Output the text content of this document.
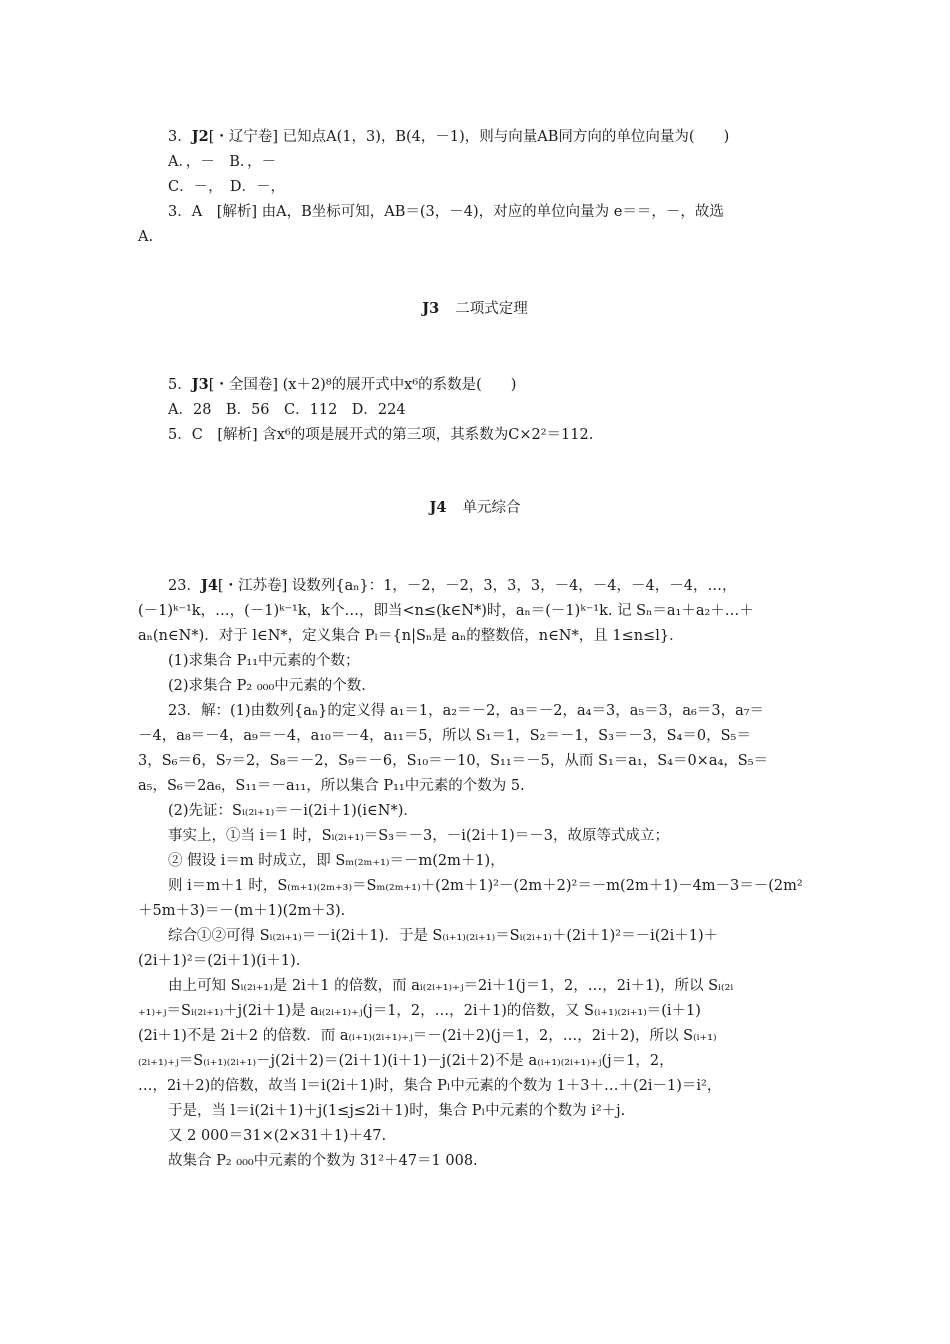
3．J2[・辽宁卷] 已知点A(1，3)，B(4，－1)，则与向量AB同方向的单位向量为(　　)
A．，－　B．，－
C．－，　D．－，
3．A　[解析] 由A，B坐标可知，AB＝(3，－4)，对应的单位向量为 e＝＝，－，故选
A.
J3 二项式定理
5．J3[・全国卷] (x＋2)⁸的展开式中x⁶的系数是(　　)
A．28　B．56　C．112　D．224
5．C　[解析] 含x⁶的项是展开式的第三项，其系数为C×2²＝112.
J4 单元综合
23．J4[・江苏卷] 设数列{aₙ}：1，－2，－2，3，3，3，－4，－4，－4，－4，…，
(－1)ᵏ⁻¹k，…，(－1)ᵏ⁻¹k，k个…，即当<n≤(k∈N*)时，aₙ＝(－1)ᵏ⁻¹k. 记 Sₙ＝a₁＋a₂＋…＋
aₙ(n∈N*)．对于 l∈N*，定义集合 Pₗ＝{n|Sₙ是 aₙ的整数倍，n∈N*，且 1≤n≤l}．
(1)求集合 P₁₁中元素的个数；
(2)求集合 P₂ ₀₀₀中元素的个数.
23．解：(1)由数列{aₙ}的定义得 a₁＝1，a₂＝－2，a₃＝－2，a₄＝3，a₅＝3，a₆＝3，a₇＝
－4，a₈＝－4，a₉＝－4，a₁₀＝－4，a₁₁＝5，所以 S₁＝1，S₂＝－1，S₃＝－3，S₄＝0，S₅＝
3，S₆＝6，S₇＝2，S₈＝－2，S₉＝－6，S₁₀＝－10，S₁₁＝－5，从而 S₁＝a₁，S₄＝0×a₄，S₅＝
a₅，S₆＝2a₆，S₁₁＝－a₁₁，所以集合 P₁₁中元素的个数为 5.
(2)先证：Sᵢ₍₂ᵢ₊₁₎＝－i(2i＋1)(i∈N*)．
事实上，①当 i＝1 时，Sᵢ₍₂ᵢ₊₁₎＝S₃＝－3，－i(2i＋1)＝－3，故原等式成立；
② 假设 i＝m 时成立，即 Sₘ₍₂ₘ₊₁₎＝－m(2m＋1)，
则 i＝m＋1 时，S₍ₘ₊₁₎₍₂ₘ₊₃₎＝Sₘ₍₂ₘ₊₁₎＋(2m＋1)²－(2m＋2)²＝－m(2m＋1)－4m－3＝－(2m²
＋5m＋3)＝－(m＋1)(2m＋3).
综合①②可得 Sᵢ₍₂ᵢ₊₁₎＝－i(2i＋1)．于是 S₍ᵢ₊₁₎₍₂ᵢ₊₁₎＝Sᵢ₍₂ᵢ₊₁₎＋(2i＋1)²＝－i(2i＋1)＋
(2i＋1)²＝(2i＋1)(i＋1).
由上可知 Sᵢ₍₂ᵢ₊₁₎是 2i＋1 的倍数，而 aᵢ₍₂ᵢ₊₁₎₊ⱼ＝2i＋1(j＝1，2，…，2i＋1)，所以 Sᵢ₍₂ᵢ
₊₁₎₊ⱼ＝Sᵢ₍₂ᵢ₊₁₎＋j(2i＋1)是 aᵢ₍₂ᵢ₊₁₎₊ⱼ(j＝1，2，…，2i＋1)的倍数，又 S₍ᵢ₊₁₎₍₂ᵢ₊₁₎＝(i＋1)
(2i＋1)不是 2i＋2 的倍数．而 a₍ᵢ₊₁₎₍₂ᵢ₊₁₎₊ⱼ＝－(2i＋2)(j＝1，2，…，2i＋2)，所以 S₍ᵢ₊₁₎
₍₂ᵢ₊₁₎₊ⱼ＝S₍ᵢ₊₁₎₍₂ᵢ₊₁₎－j(2i＋2)＝(2i＋1)(i＋1)－j(2i＋2)不是 a₍ᵢ₊₁₎₍₂ᵢ₊₁₎₊ⱼ(j＝1，2，
…，2i＋2)的倍数，故当 l＝i(2i＋1)时，集合 Pₗ中元素的个数为 1＋3＋…＋(2i－1)＝i²，
于是，当 l＝i(2i＋1)＋j(1≤j≤2i＋1)时，集合 Pₗ中元素的个数为 i²＋j.
又 2 000＝31×(2×31＋1)＋47.
故集合 P₂ ₀₀₀中元素的个数为 31²＋47＝1 008.
